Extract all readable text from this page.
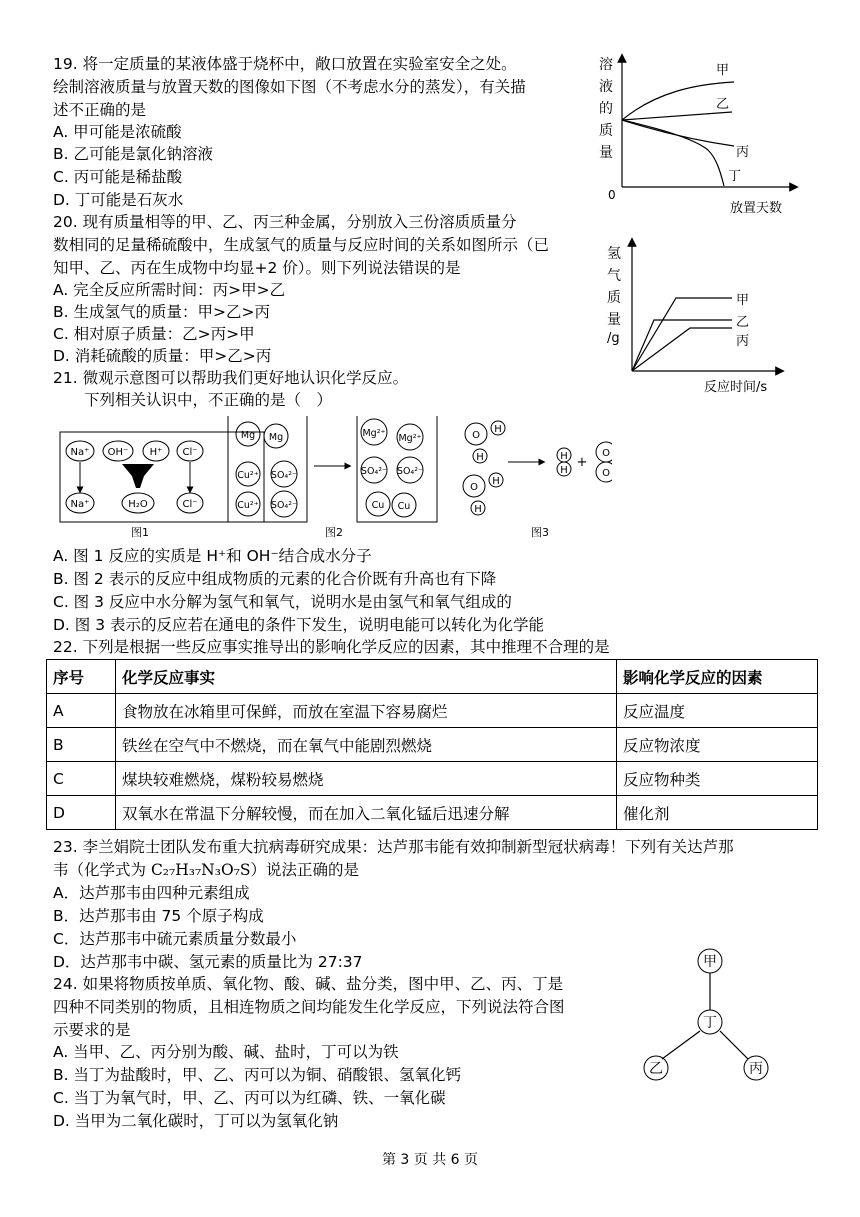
19. 将一定质量的某液体盛于烧杯中，敞口放置在实验室安全之处。
绘制溶液质量与放置天数的图像如下图（不考虑水分的蒸发），有关描
述不正确的是
A. 甲可能是浓硫酸
B. 乙可能是氯化钠溶液
C. 丙可能是稀盐酸
D. 丁可能是石灰水
溶
液
的
质
量
0
放置天数
甲
乙
丙
丁
20. 现有质量相等的甲、乙、丙三种金属，分别放入三份溶质质量分
数相同的足量稀硫酸中，生成氢气的质量与反应时间的关系如图所示（已
知甲、乙、丙在生成物中均显+2 价）。则下列说法错误的是
A. 完全反应所需时间：丙>甲>乙
B. 生成氢气的质量：甲>乙>丙
C. 相对原子质量：乙>丙>甲
D. 消耗硫酸的质量：甲>乙>丙
氢
气
质
量
/g
甲
乙
丙
反应时间/s
21. 微观示意图可以帮助我们更好地认识化学反应。
下列相关认识中，不正确的是（　）
Na⁺ OH⁻ H⁺ Cl⁻
Na⁺	H₂O	Cl⁻
图1
Mg Mg
Cu²⁺ SO₄²⁻
Cu²⁺ SO₄²⁻
Mg²⁺ Mg²⁺
SO₄²⁻ SO₄²⁻
Cu Cu
图2
O
H
H
O
H
H
H
H
+
O
O
图3
A. 图 1 反应的实质是 H⁺和 OH⁻结合成水分子
B. 图 2 表示的反应中组成物质的元素的化合价既有升高也有下降
C. 图 3 反应中水分解为氢气和氧气，说明水是由氢气和氧气组成的
D. 图 3 表示的反应若在通电的条件下发生，说明电能可以转化为化学能
22. 下列是根据一些反应事实推导出的影响化学反应的因素，其中推理不合理的是
序号	化学反应事实	影响化学反应的因素
A	食物放在冰箱里可保鲜，而放在室温下容易腐烂	反应温度
B	铁丝在空气中不燃烧，而在氧气中能剧烈燃烧	反应物浓度
C	煤块较难燃烧，煤粉较易燃烧	反应物种类
D	双氧水在常温下分解较慢，而在加入二氧化锰后迅速分解	催化剂
23. 李兰娟院士团队发布重大抗病毒研究成果：达芦那韦能有效抑制新型冠状病毒！下列有关达芦那
韦（化学式为 C₂₇H₃₇N₃O₇S）说法正确的是
A．达芦那韦由四种元素组成
B．达芦那韦由 75 个原子构成
C．达芦那韦中硫元素质量分数最小
D．达芦那韦中碳、氢元素的质量比为 27:37
24. 如果将物质按单质、氧化物、酸、碱、盐分类，图中甲、乙、丙、丁是
四种不同类别的物质，且相连物质之间均能发生化学反应，下列说法符合图
示要求的是
A. 当甲、乙、丙分别为酸、碱、盐时，丁可以为铁
B. 当丁为盐酸时，甲、乙、丙可以为铜、硝酸银、氢氧化钙
C. 当丁为氧气时，甲、乙、丙可以为红磷、铁、一氧化碳
D. 当甲为二氧化碳时，丁可以为氢氧化钠
甲
丁
乙	丙
第 3 页 共 6 页
